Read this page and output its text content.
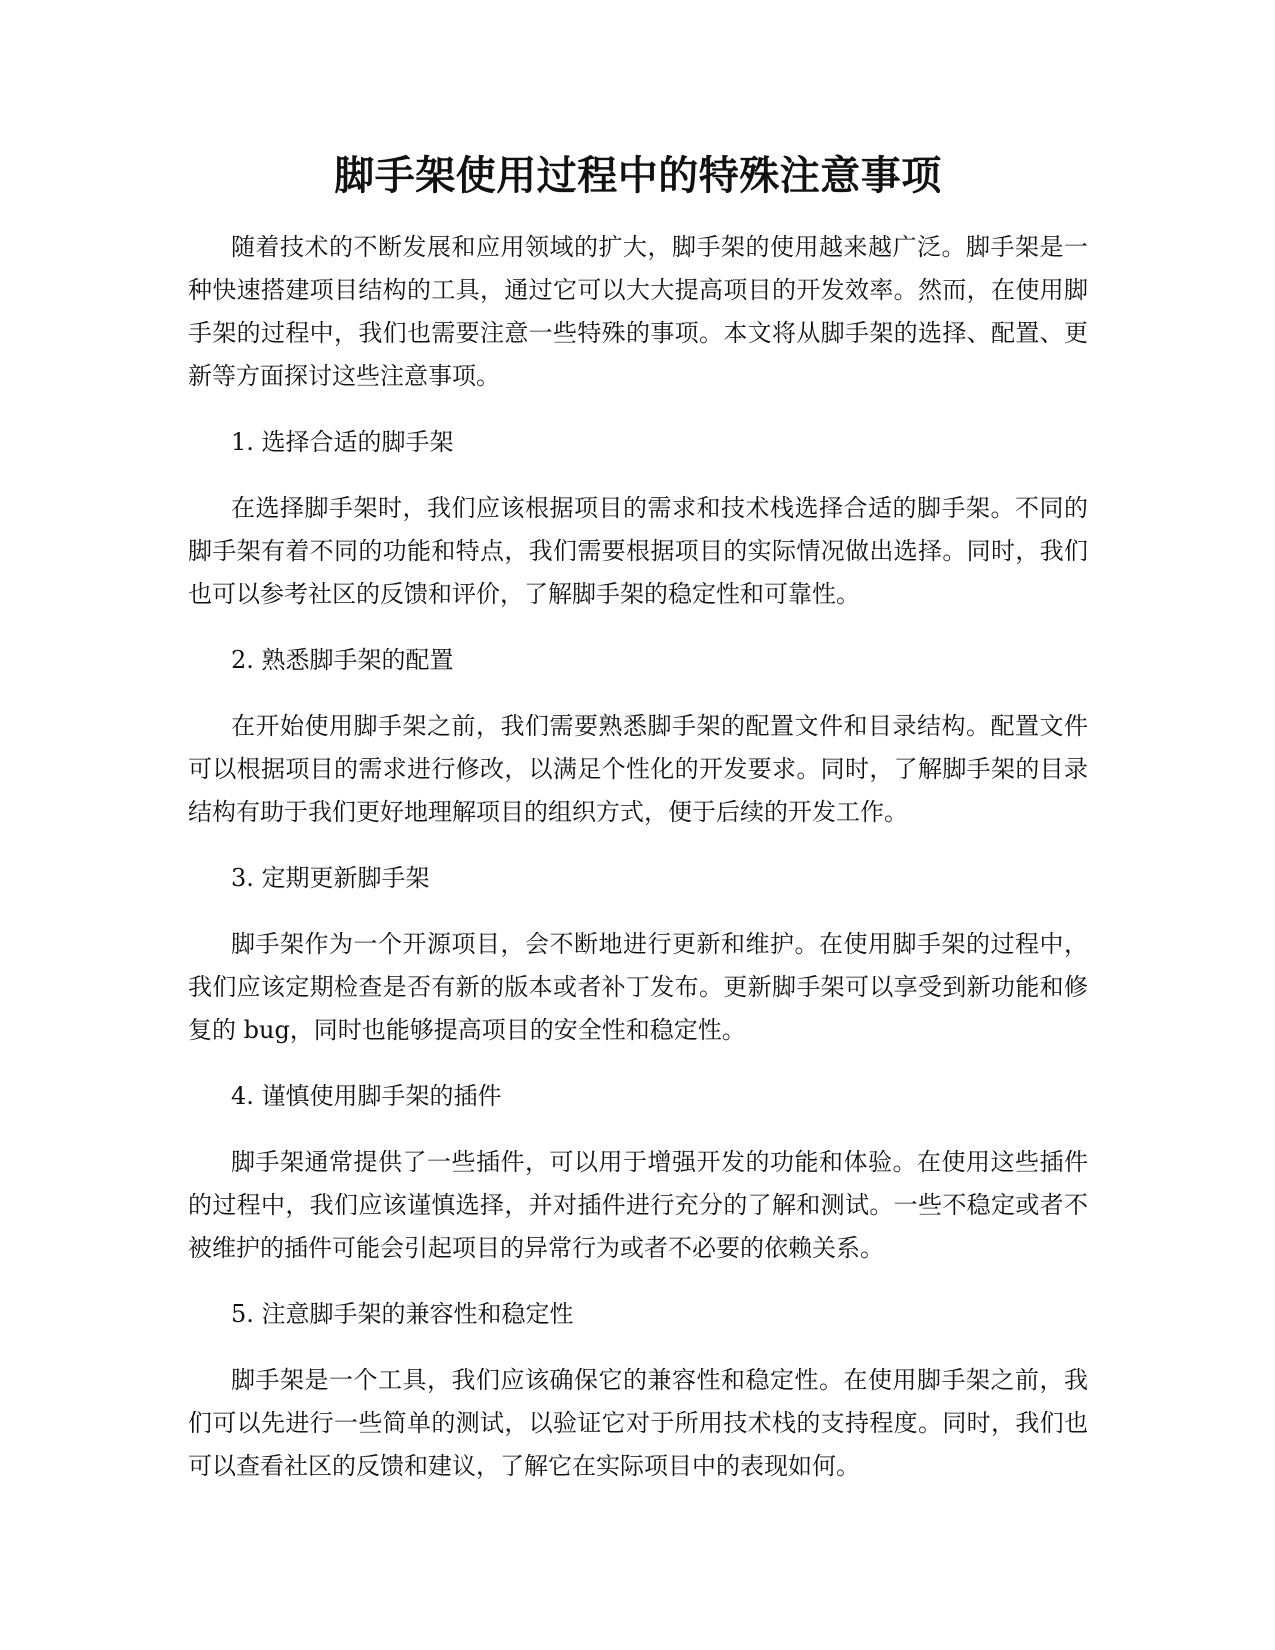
脚手架使用过程中的特殊注意事项

随着技术的不断发展和应用领域的扩大，脚手架的使用越来越广泛。脚手架是一种快速搭建项目结构的工具，通过它可以大大提高项目的开发效率。然而，在使用脚手架的过程中，我们也需要注意一些特殊的事项。本文将从脚手架的选择、配置、更新等方面探讨这些注意事项。

1. 选择合适的脚手架

在选择脚手架时，我们应该根据项目的需求和技术栈选择合适的脚手架。不同的脚手架有着不同的功能和特点，我们需要根据项目的实际情况做出选择。同时，我们也可以参考社区的反馈和评价，了解脚手架的稳定性和可靠性。

2. 熟悉脚手架的配置

在开始使用脚手架之前，我们需要熟悉脚手架的配置文件和目录结构。配置文件可以根据项目的需求进行修改，以满足个性化的开发要求。同时，了解脚手架的目录结构有助于我们更好地理解项目的组织方式，便于后续的开发工作。

3. 定期更新脚手架

脚手架作为一个开源项目，会不断地进行更新和维护。在使用脚手架的过程中，我们应该定期检查是否有新的版本或者补丁发布。更新脚手架可以享受到新功能和修复的 bug，同时也能够提高项目的安全性和稳定性。

4. 谨慎使用脚手架的插件

脚手架通常提供了一些插件，可以用于增强开发的功能和体验。在使用这些插件的过程中，我们应该谨慎选择，并对插件进行充分的了解和测试。一些不稳定或者不被维护的插件可能会引起项目的异常行为或者不必要的依赖关系。

5. 注意脚手架的兼容性和稳定性

脚手架是一个工具，我们应该确保它的兼容性和稳定性。在使用脚手架之前，我们可以先进行一些简单的测试，以验证它对于所用技术栈的支持程度。同时，我们也可以查看社区的反馈和建议，了解它在实际项目中的表现如何。
